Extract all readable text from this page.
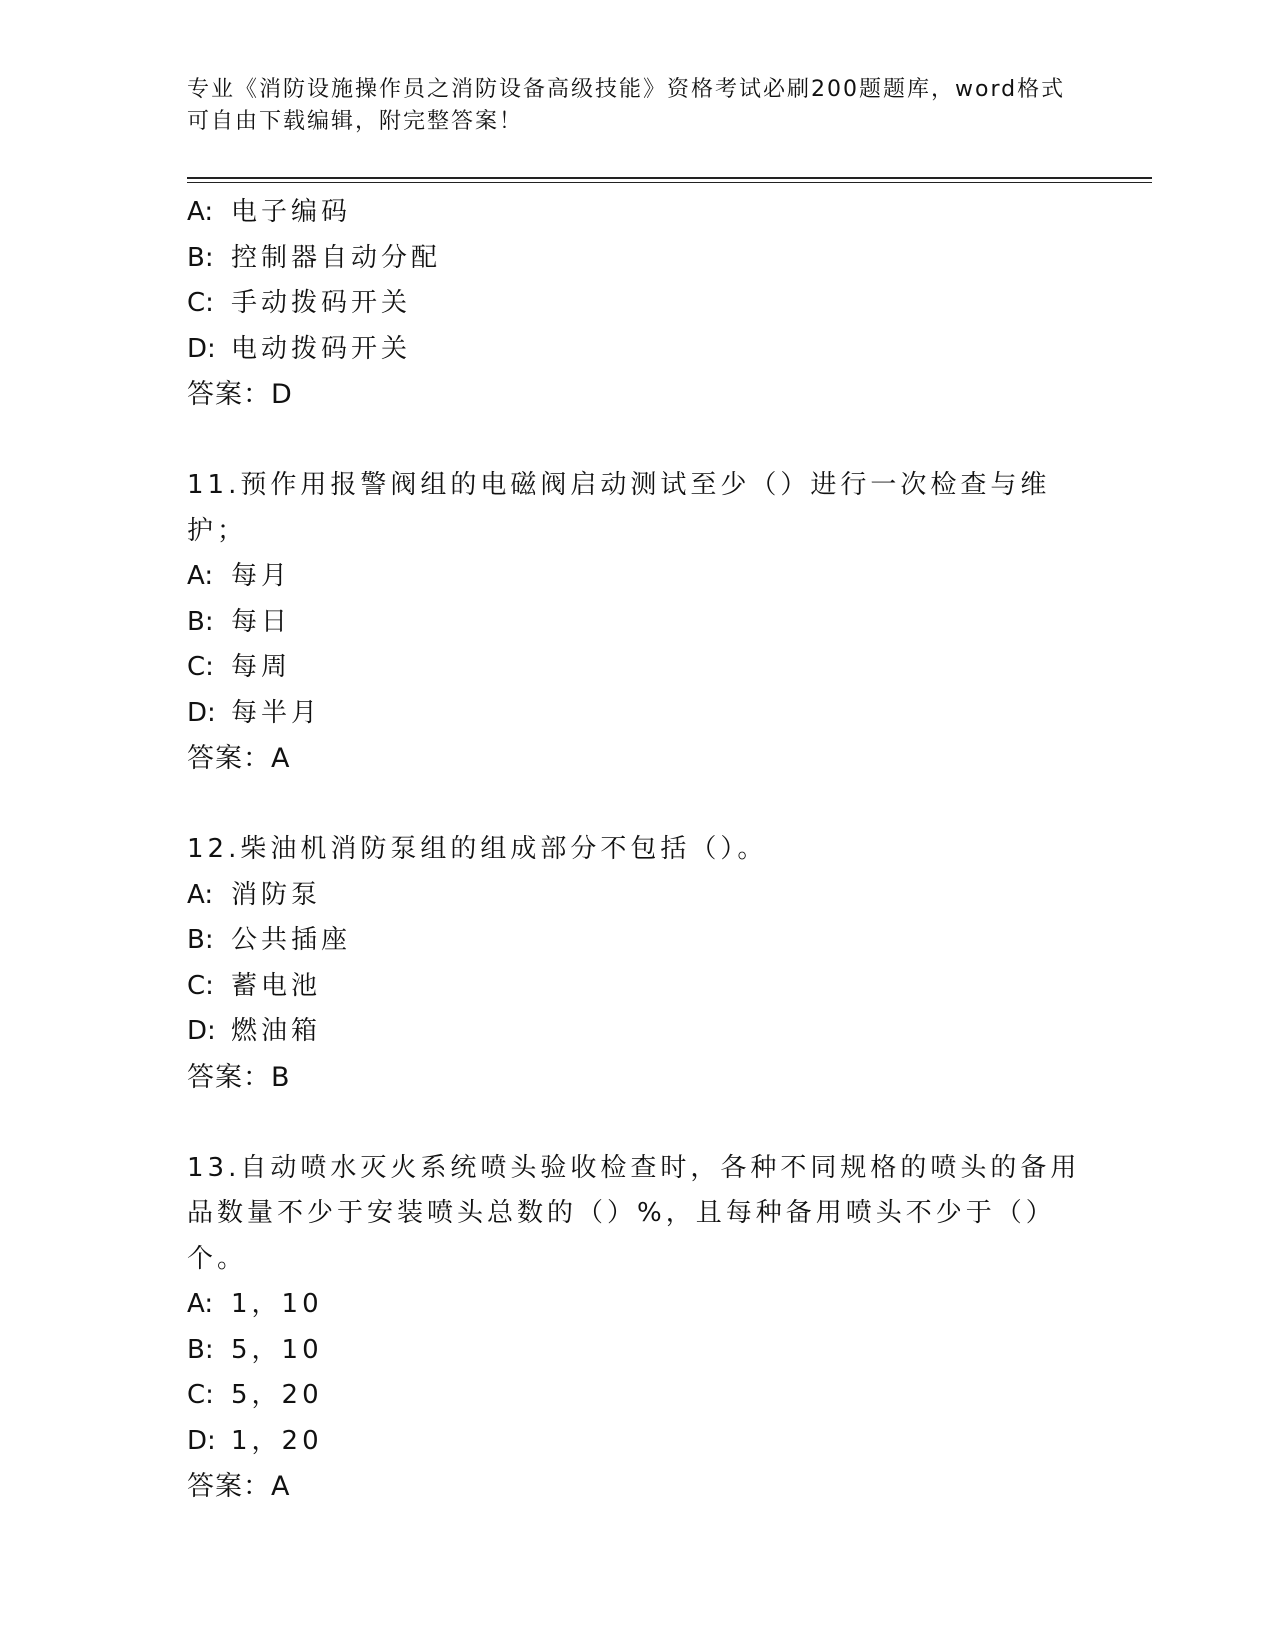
专业《消防设施操作员之消防设备高级技能》资格考试必刷200题题库，word格式可自由下载编辑，附完整答案！
A: 电子编码
B: 控制器自动分配
C: 手动拨码开关
D: 电动拨码开关
答案：D
11.预作用报警阀组的电磁阀启动测试至少（）进行一次检查与维护；
A: 每月
B: 每日
C: 每周
D: 每半月
答案：A
12.柴油机消防泵组的组成部分不包括（）。
A: 消防泵
B: 公共插座
C: 蓄电池
D: 燃油箱
答案：B
13.自动喷水灭火系统喷头验收检查时，各种不同规格的喷头的备用品数量不少于安装喷头总数的（）%，且每种备用喷头不少于（）个。
A: 1，10
B: 5，10
C: 5，20
D: 1，20
答案：A
